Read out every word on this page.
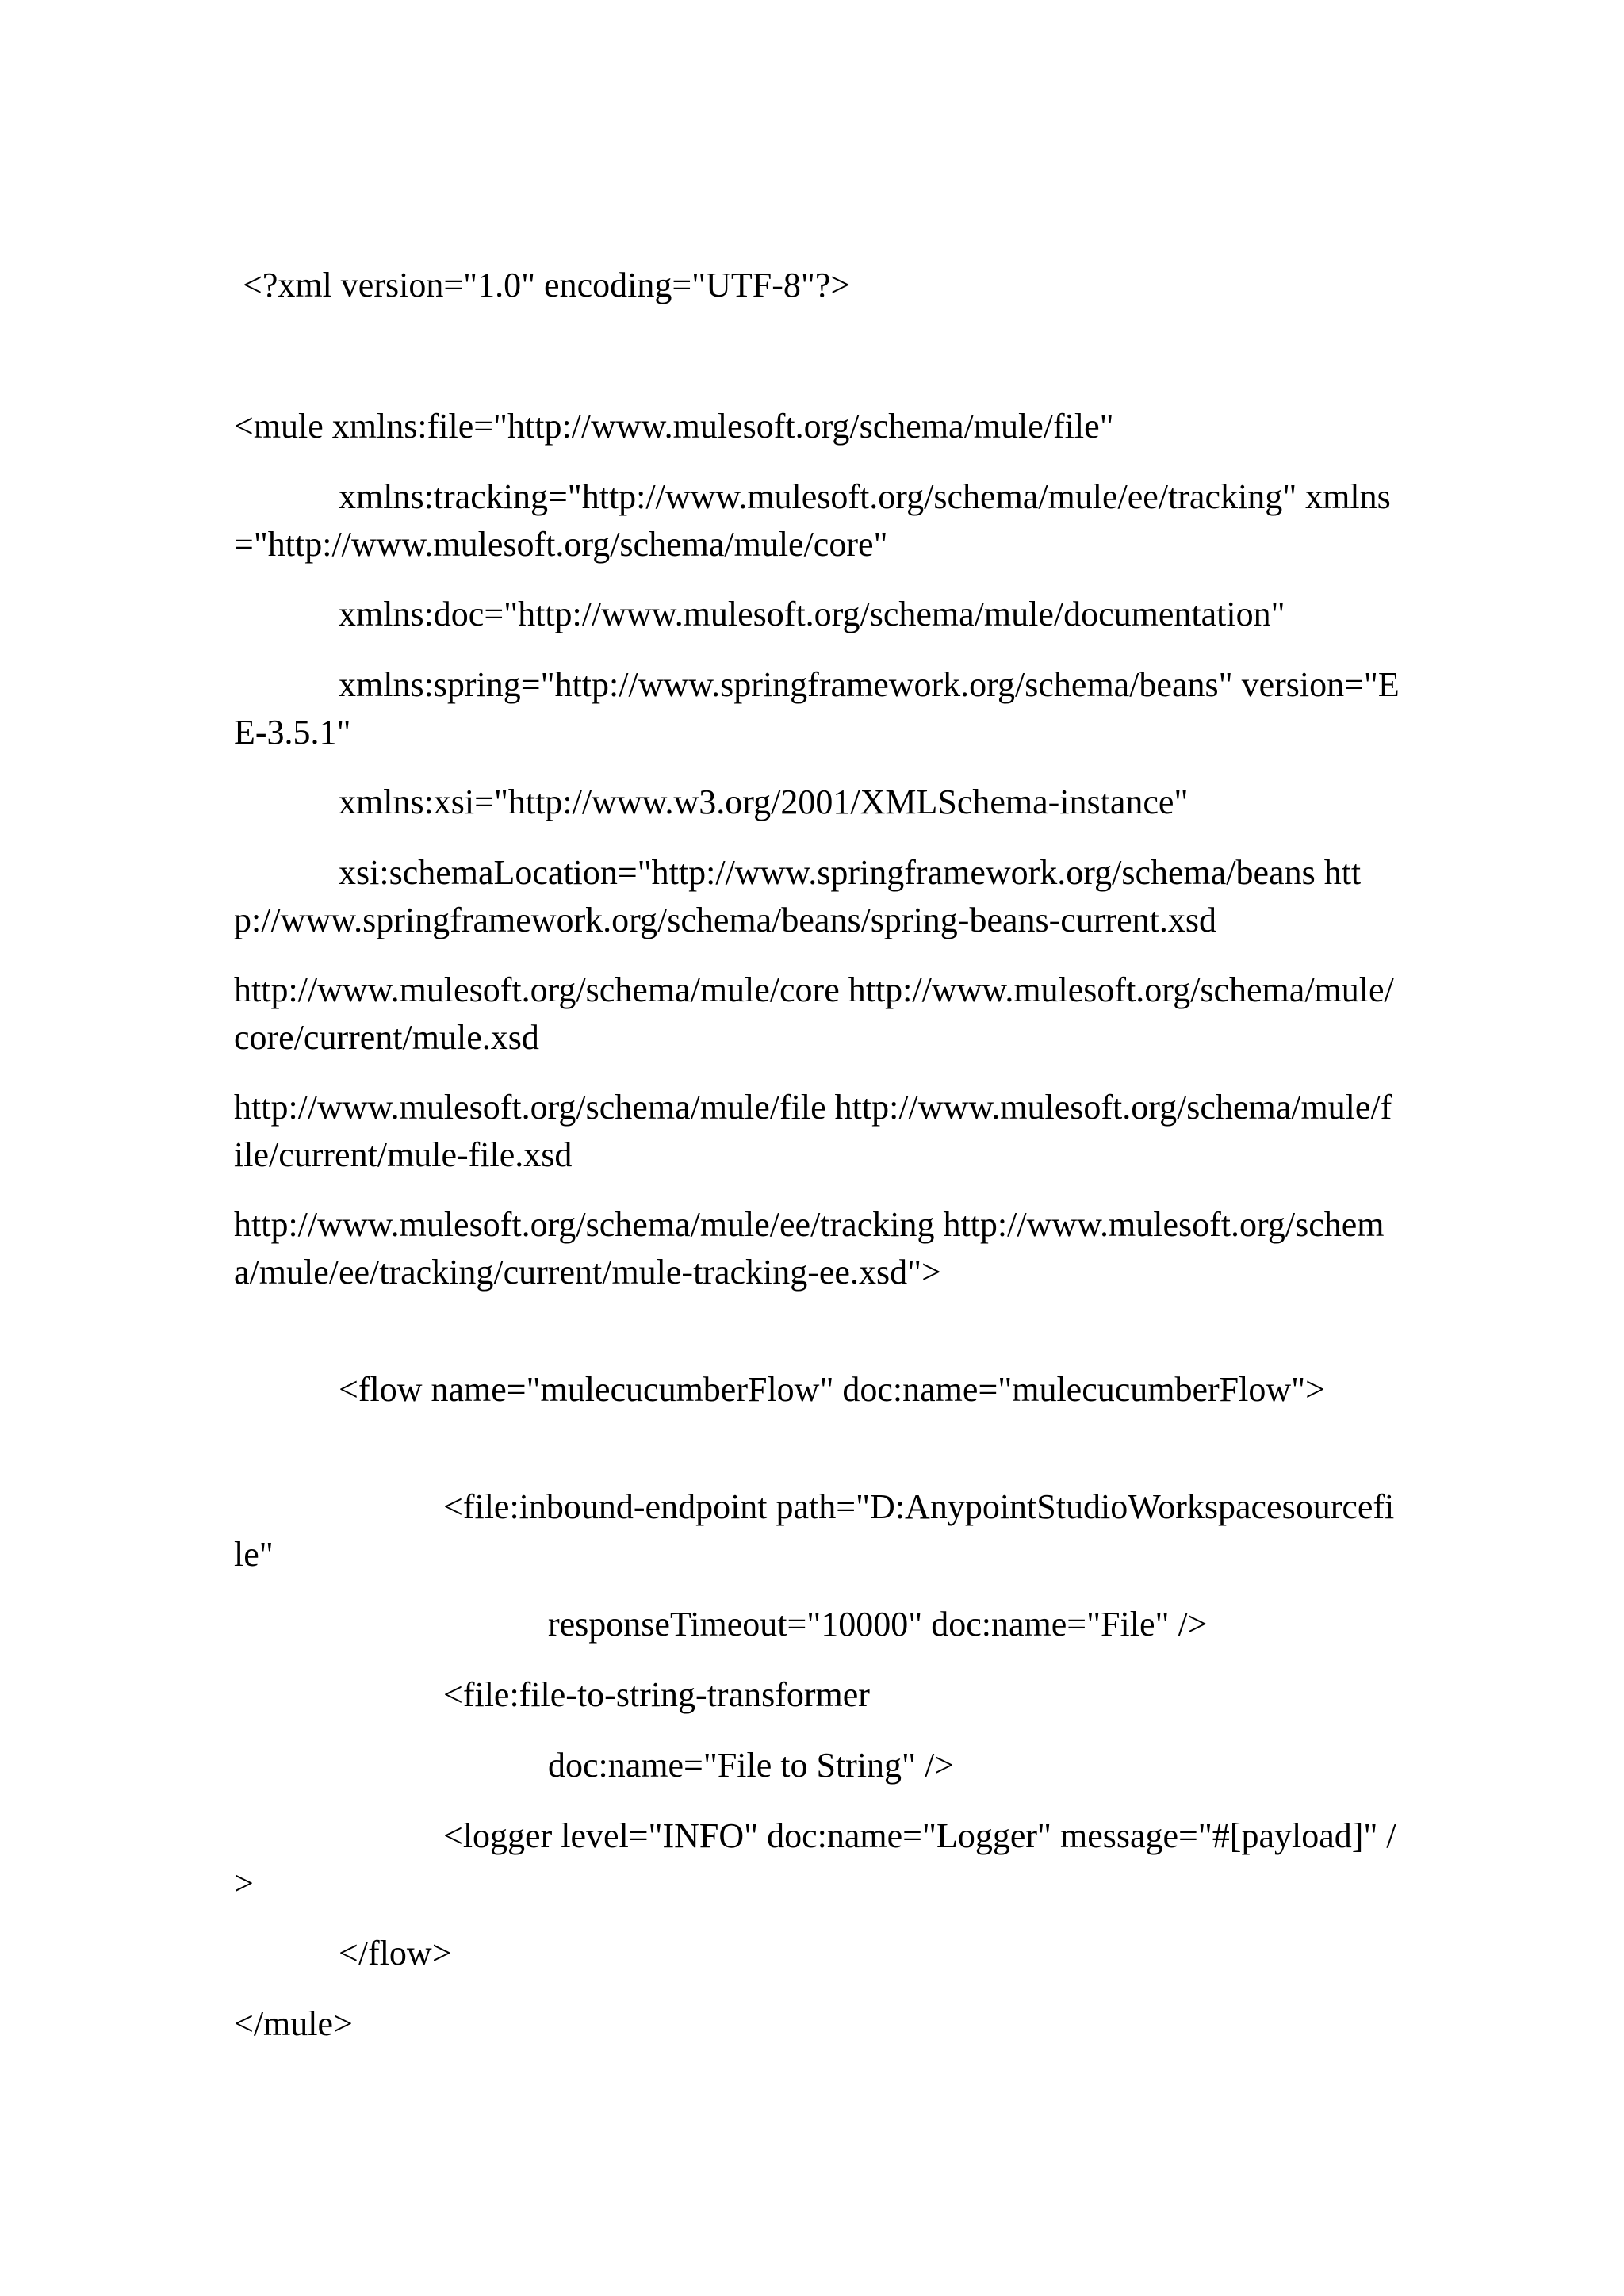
<?xml version="1.0" encoding="UTF-8"?>
<mule xmlns:file="http://www.mulesoft.org/schema/mule/file"
xmlns:tracking="http://www.mulesoft.org/schema/mule/ee/tracking" xmlns="http://www.mulesoft.org/schema/mule/core"
xmlns:doc="http://www.mulesoft.org/schema/mule/documentation"
xmlns:spring="http://www.springframework.org/schema/beans" version="EE-3.5.1"
xmlns:xsi="http://www.w3.org/2001/XMLSchema-instance"
xsi:schemaLocation="http://www.springframework.org/schema/beans http://www.springframework.org/schema/beans/spring-beans-current.xsd
http://www.mulesoft.org/schema/mule/core http://www.mulesoft.org/schema/mule/core/current/mule.xsd
http://www.mulesoft.org/schema/mule/file http://www.mulesoft.org/schema/mule/file/current/mule-file.xsd
http://www.mulesoft.org/schema/mule/ee/tracking http://www.mulesoft.org/schema/mule/ee/tracking/current/mule-tracking-ee.xsd">
<flow name="mulecucumberFlow" doc:name="mulecucumberFlow">
<file:inbound-endpoint path="D:AnypointStudioWorkspacesourcefile"
responseTimeout="10000" doc:name="File" />
<file:file-to-string-transformer
doc:name="File to String" />
<logger level="INFO" doc:name="Logger" message="#[payload]" />
</flow>
</mule>
